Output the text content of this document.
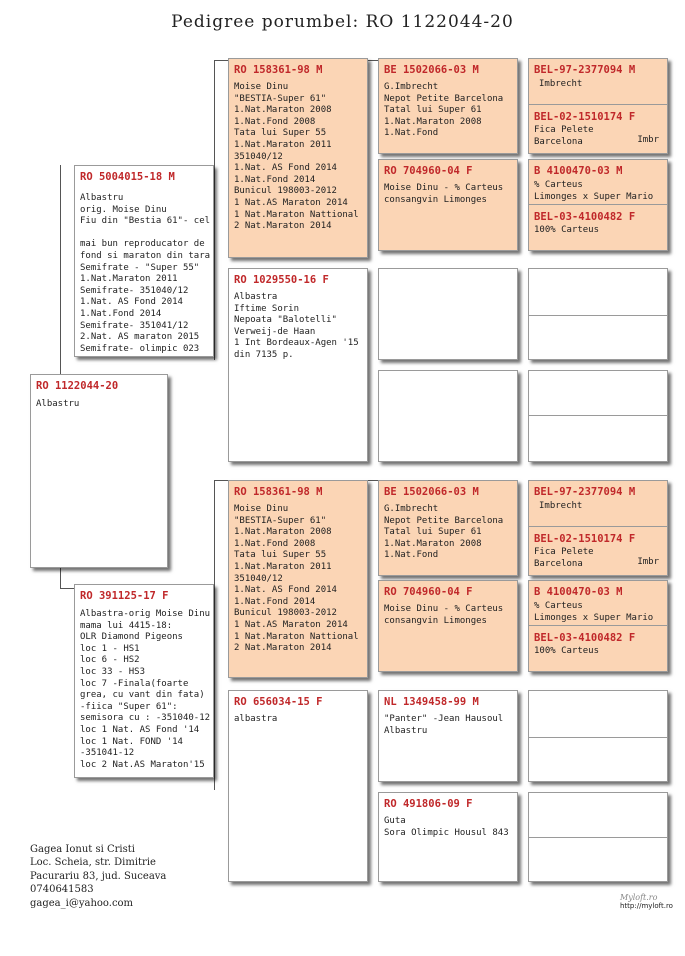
Pedigree porumbel: RO 1122044-20
RO 1122044-20
Albastru
RO 5004015-18 M
Albastru
orig. Moise Dinu
Fiu din "Bestia 61"- cel

mai bun reproducator de
fond si maraton din tara
Semifrate - "Super 55"
1.Nat.Maraton 2011
Semifrate- 351040/12
1.Nat. AS Fond 2014
1.Nat.Fond 2014
Semifrate- 351041/12
2.Nat. AS maraton 2015
Semifrate- olimpic 023
RO 391125-17 F
Albastra-orig Moise Dinu
mama lui 4415-18:
OLR Diamond Pigeons
loc 1 - HS1
loc 6 - HS2
loc 33 - HS3
loc 7 -Finala(foarte
grea, cu vant din fata)
-fiica "Super 61":
semisora cu : -351040-12
loc 1 Nat. AS Fond '14
loc 1 Nat. FOND '14
-351041-12
loc 2 Nat.AS Maraton'15
RO 158361-98 M
Moise Dinu
"BESTIA-Super 61"
1.Nat.Maraton 2008
1.Nat.Fond 2008
Tata lui Super 55
1.Nat.Maraton 2011
351040/12
1.Nat. AS Fond 2014
1.Nat.Fond 2014
Bunicul 198003-2012
1 Nat.AS Maraton 2014
1 Nat.Maraton Nattional
2 Nat.Maraton 2014
RO 1029550-16 F
Albastra
Iftime Sorin
Nepoata "Balotelli"
Verweij-de Haan
1 Int Bordeaux-Agen '15
din 7135 p.
RO 158361-98 M
Moise Dinu
"BESTIA-Super 61"
1.Nat.Maraton 2008
1.Nat.Fond 2008
Tata lui Super 55
1.Nat.Maraton 2011
351040/12
1.Nat. AS Fond 2014
1.Nat.Fond 2014
Bunicul 198003-2012
1 Nat.AS Maraton 2014
1 Nat.Maraton Nattional
2 Nat.Maraton 2014
RO 656034-15 F
albastra
BE 1502066-03 M
G.Imbrecht
Nepot Petite Barcelona
Tatal lui Super 61
1.Nat.Maraton 2008
1.Nat.Fond
RO 704960-04 F
Moise Dinu - % Carteus
consangvin Limonges
BE 1502066-03 M
G.Imbrecht
Nepot Petite Barcelona
Tatal lui Super 61
1.Nat.Maraton 2008
1.Nat.Fond
RO 704960-04 F
Moise Dinu - % Carteus
consangvin Limonges
NL 1349458-99 M
"Panter" -Jean Hausoul
Albastru
RO 491806-09 F
Guta
Sora Olimpic Housul 843
BEL-97-2377094 M
Imbrecht
BEL-02-1510174 F
Fica Pelete
Barcelona	Imbr
B 4100470-03 M
% Carteus
Limonges x Super Mario
BEL-03-4100482 F
100% Carteus
BEL-97-2377094 M
Imbrecht
BEL-02-1510174 F
Fica Pelete
Barcelona	Imbr
B 4100470-03 M
% Carteus
Limonges x Super Mario
BEL-03-4100482 F
100% Carteus
Gagea Ionut si Cristi
Loc. Scheia, str. Dimitrie
Pacurariu 83, jud. Suceava
0740641583
gagea_i@yahoo.com
Myloft.ro
http://myloft.ro
